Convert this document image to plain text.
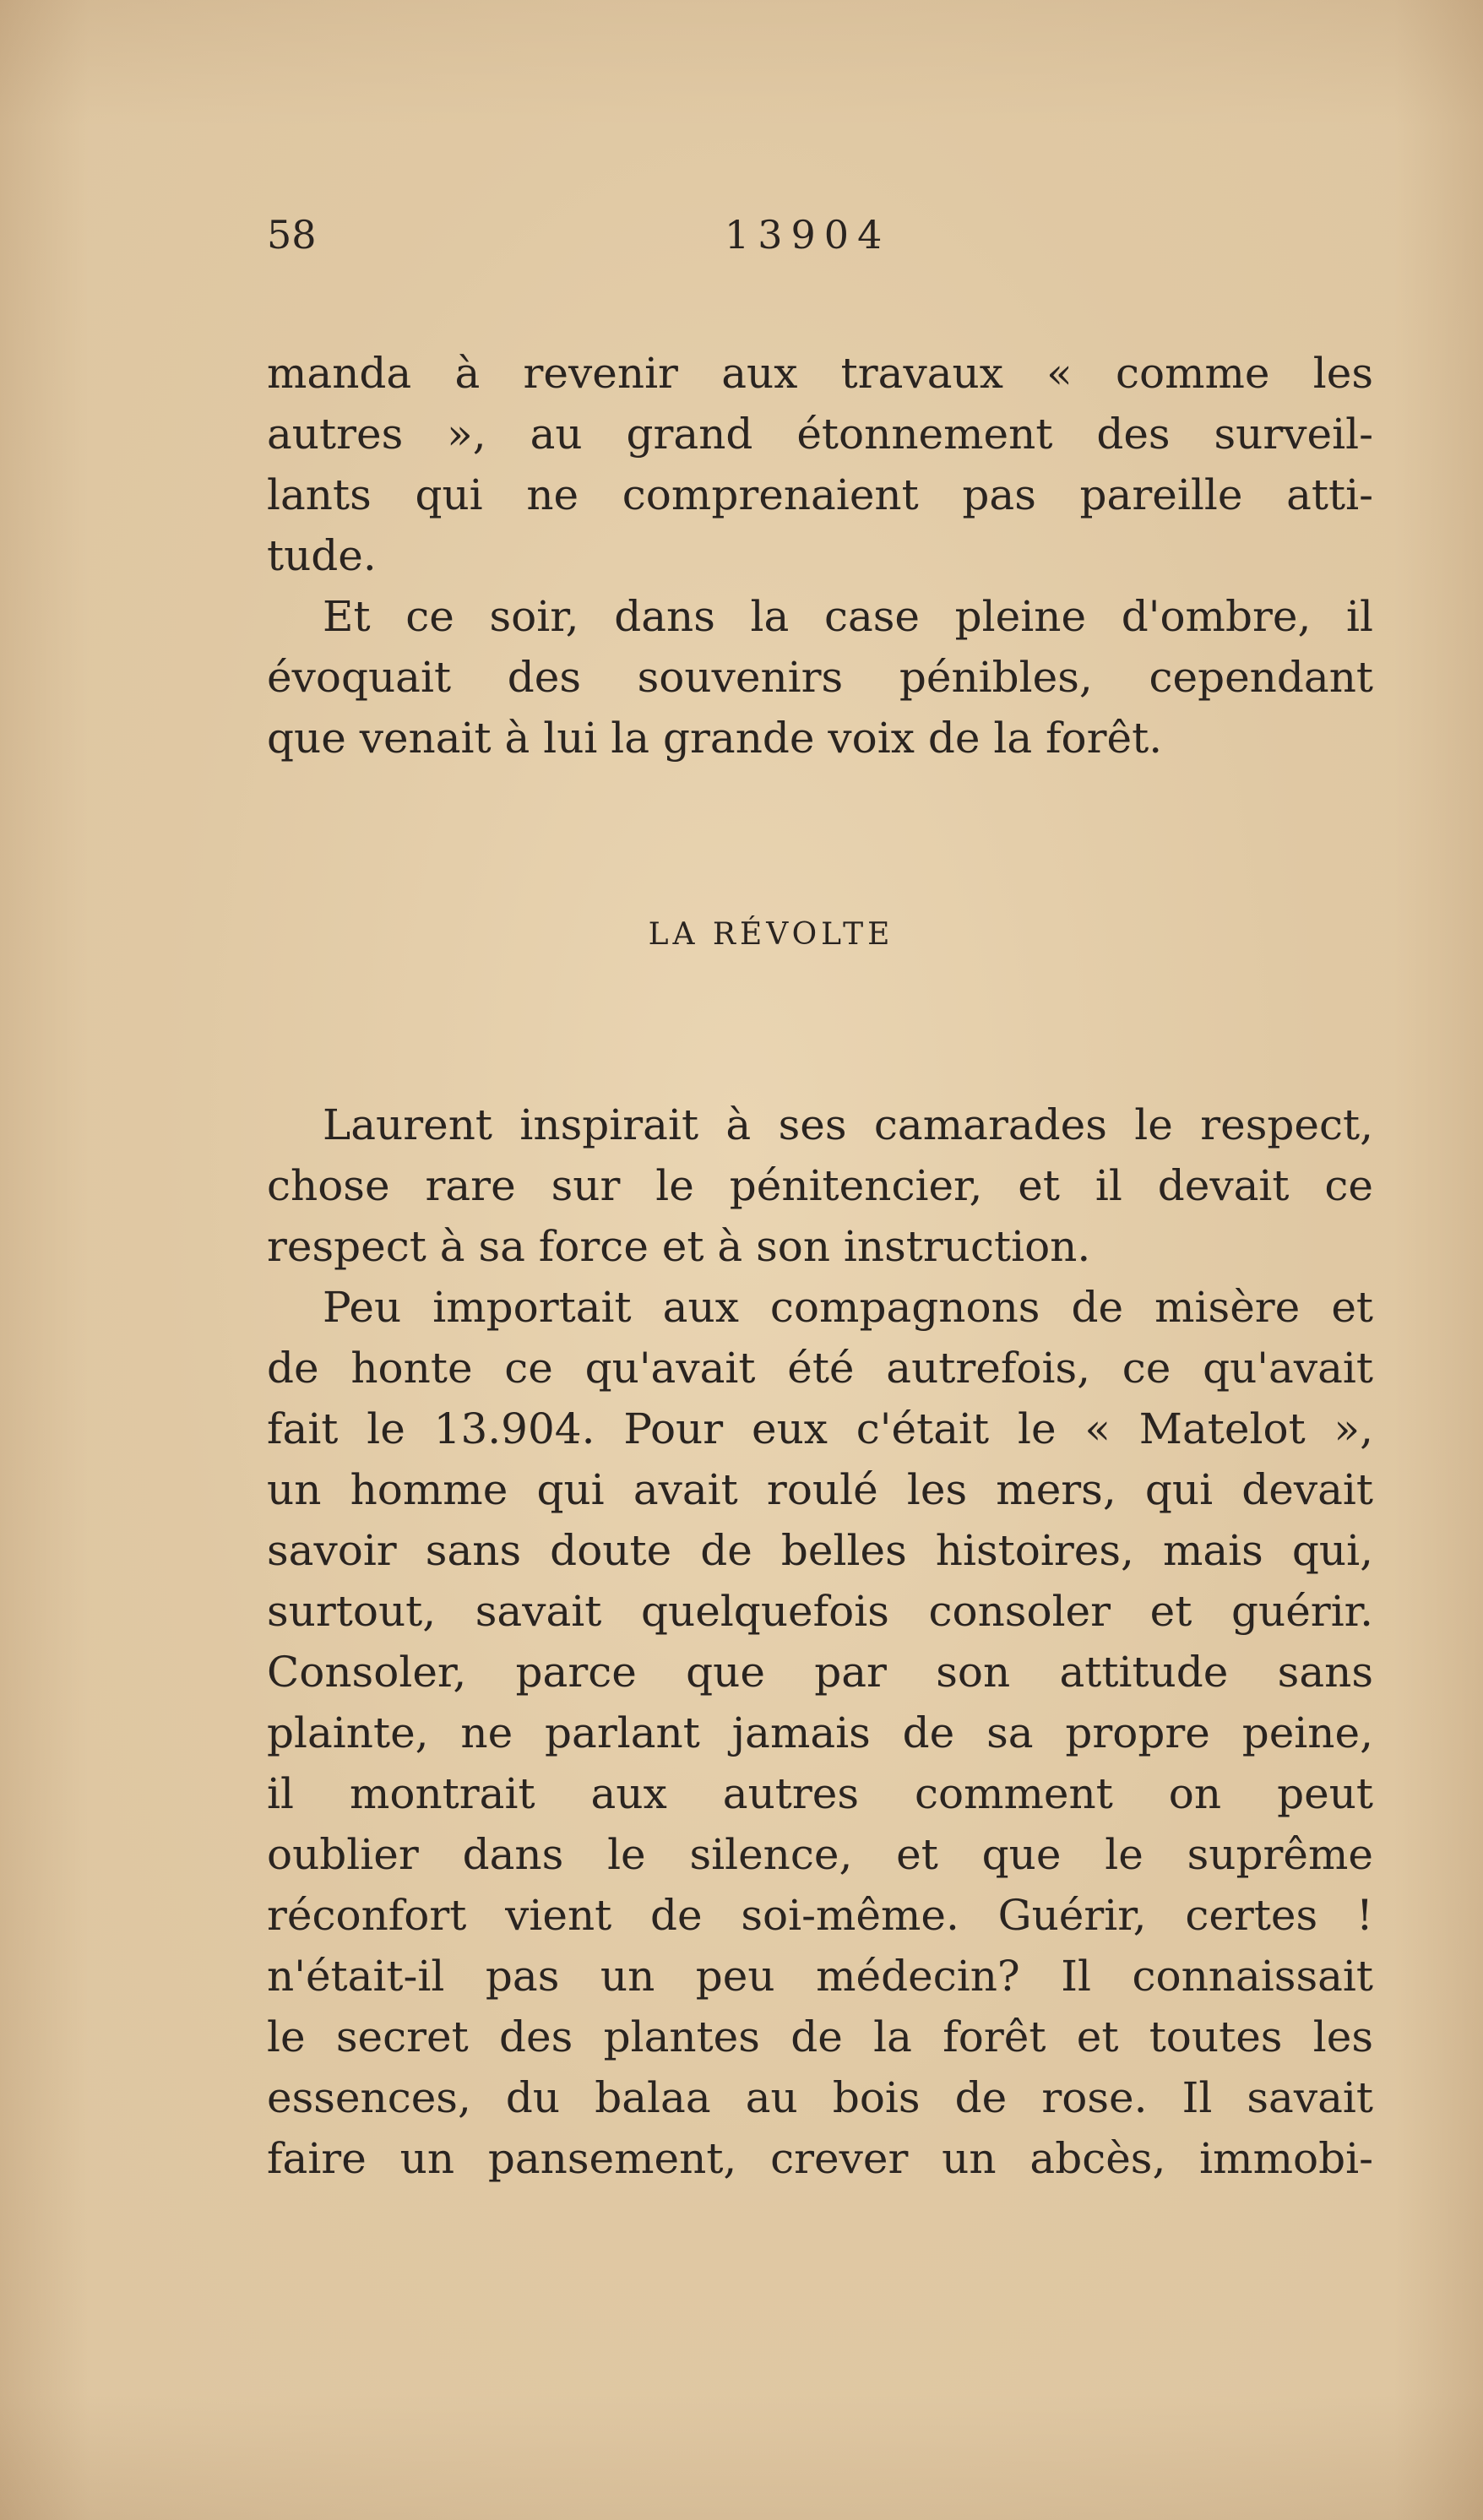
58	13904
manda à revenir aux travaux « comme les
autres », au grand étonnement des surveil-
lants qui ne comprenaient pas pareille atti-
tude.
Et ce soir, dans la case pleine d'ombre, il
évoquait des souvenirs pénibles, cependant
que venait à lui la grande voix de la forêt.
LA RÉVOLTE
Laurent inspirait à ses camarades le respect,
chose rare sur le pénitencier, et il devait ce
respect à sa force et à son instruction.
Peu importait aux compagnons de misère et
de honte ce qu'avait été autrefois, ce qu'avait
fait le 13.904. Pour eux c'était le « Matelot »,
un homme qui avait roulé les mers, qui devait
savoir sans doute de belles histoires, mais qui,
surtout, savait quelquefois consoler et guérir.
Consoler, parce que par son attitude sans
plainte, ne parlant jamais de sa propre peine,
il montrait aux autres comment on peut
oublier dans le silence, et que le suprême
réconfort vient de soi-même. Guérir, certes !
n'était-il pas un peu médecin? Il connaissait
le secret des plantes de la forêt et toutes les
essences, du balaa au bois de rose. Il savait
faire un pansement, crever un abcès, immobi-
